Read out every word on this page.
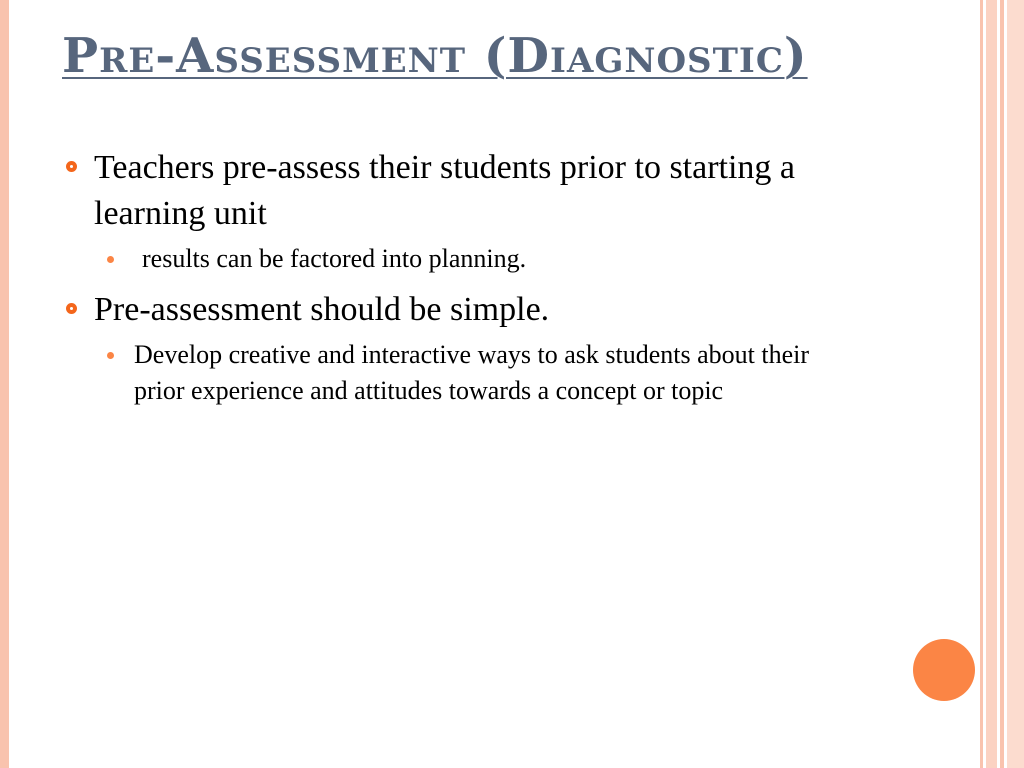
Pre-Assessment (Diagnostic)
Teachers pre-assess their students prior to starting a learning unit
results can be factored into planning.
Pre-assessment should be simple.
Develop creative and interactive ways to ask students about their prior experience and attitudes towards a concept or topic
